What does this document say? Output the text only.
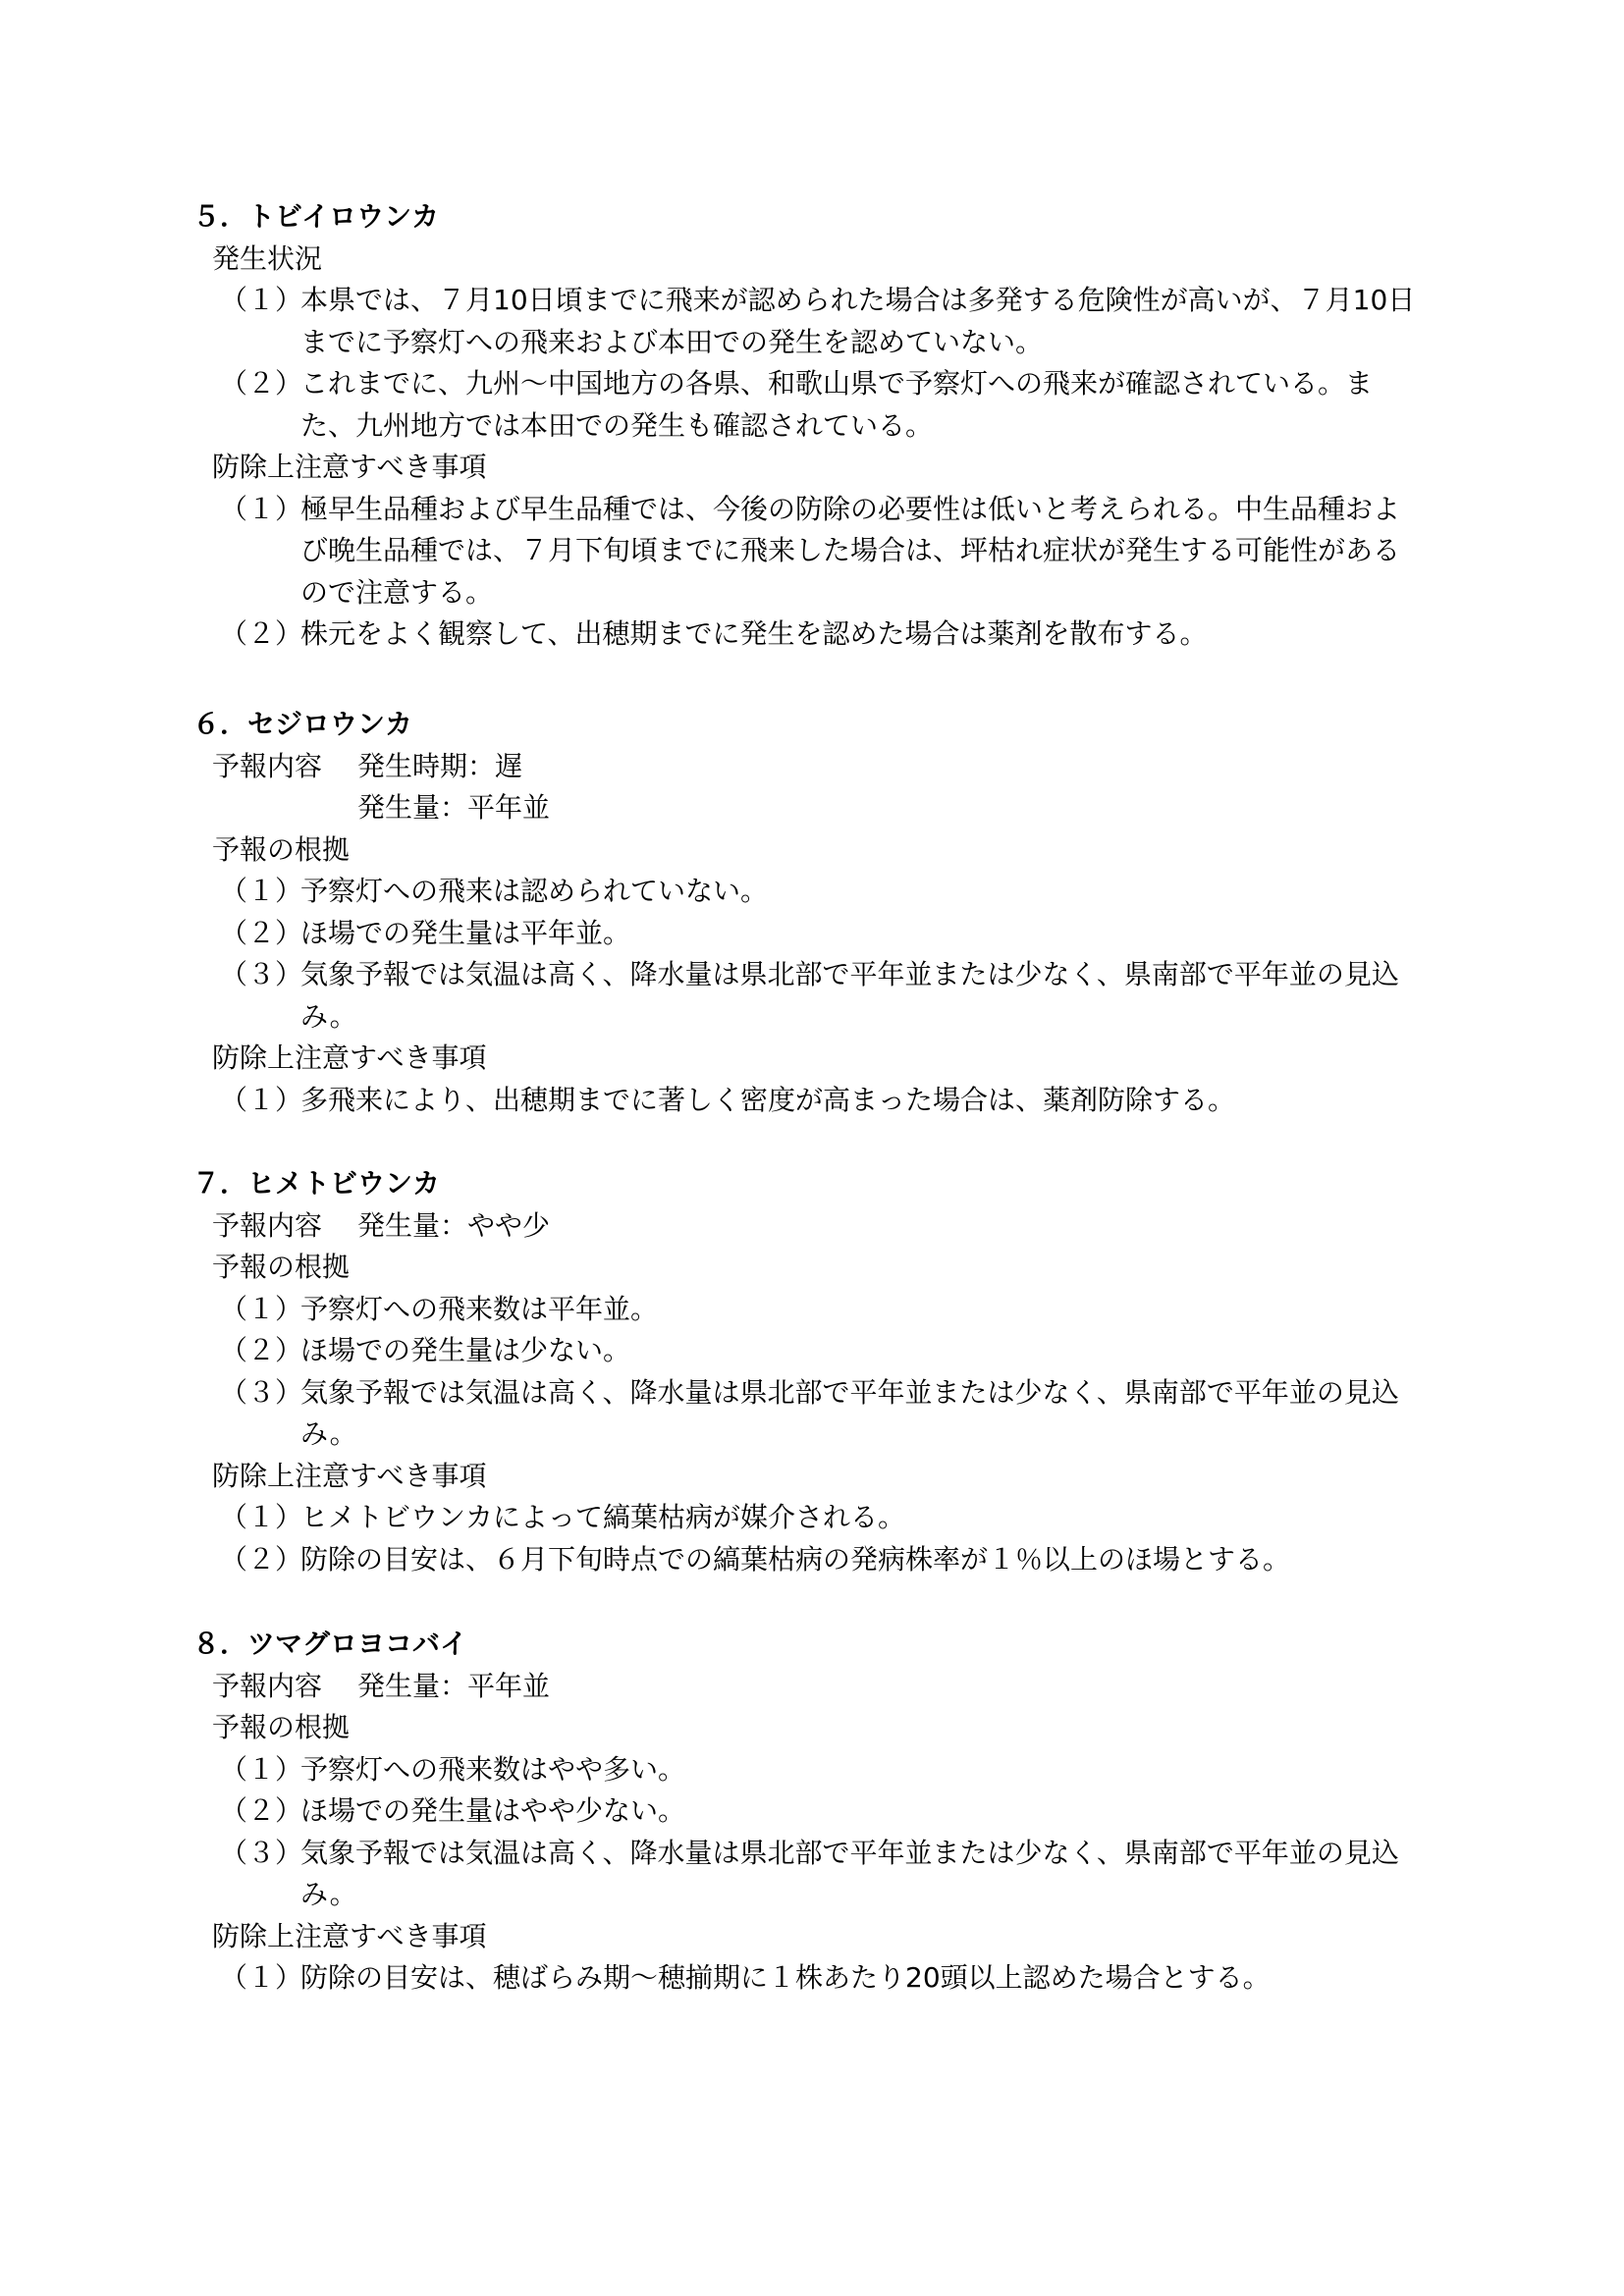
５．トビイロウンカ
発生状況
（１）本県では、７月10日頃までに飛来が認められた場合は多発する危険性が高いが、７月10日
までに予察灯への飛来および本田での発生を認めていない。
（２）これまでに、九州～中国地方の各県、和歌山県で予察灯への飛来が確認されている。ま
た、九州地方では本田での発生も確認されている。
防除上注意すべき事項
（１）極早生品種および早生品種では、今後の防除の必要性は低いと考えられる。中生品種およ
び晩生品種では、７月下旬頃までに飛来した場合は、坪枯れ症状が発生する可能性がある
ので注意する。
（２）株元をよく観察して、出穂期までに発生を認めた場合は薬剤を散布する。
６．セジロウンカ
予報内容 発生時期：遅
発生量：平年並
予報の根拠
（１）予察灯への飛来は認められていない。
（２）ほ場での発生量は平年並。
（３）気象予報では気温は高く、降水量は県北部で平年並または少なく、県南部で平年並の見込
み。
防除上注意すべき事項
（１）多飛来により、出穂期までに著しく密度が高まった場合は、薬剤防除する。
７．ヒメトビウンカ
予報内容 発生量：やや少
予報の根拠
（１）予察灯への飛来数は平年並。
（２）ほ場での発生量は少ない。
（３）気象予報では気温は高く、降水量は県北部で平年並または少なく、県南部で平年並の見込
み。
防除上注意すべき事項
（１）ヒメトビウンカによって縞葉枯病が媒介される。
（２）防除の目安は、６月下旬時点での縞葉枯病の発病株率が１％以上のほ場とする。
８．ツマグロヨコバイ
予報内容 発生量：平年並
予報の根拠
（１）予察灯への飛来数はやや多い。
（２）ほ場での発生量はやや少ない。
（３）気象予報では気温は高く、降水量は県北部で平年並または少なく、県南部で平年並の見込
み。
防除上注意すべき事項
（１）防除の目安は、穂ばらみ期～穂揃期に１株あたり20頭以上認めた場合とする。
